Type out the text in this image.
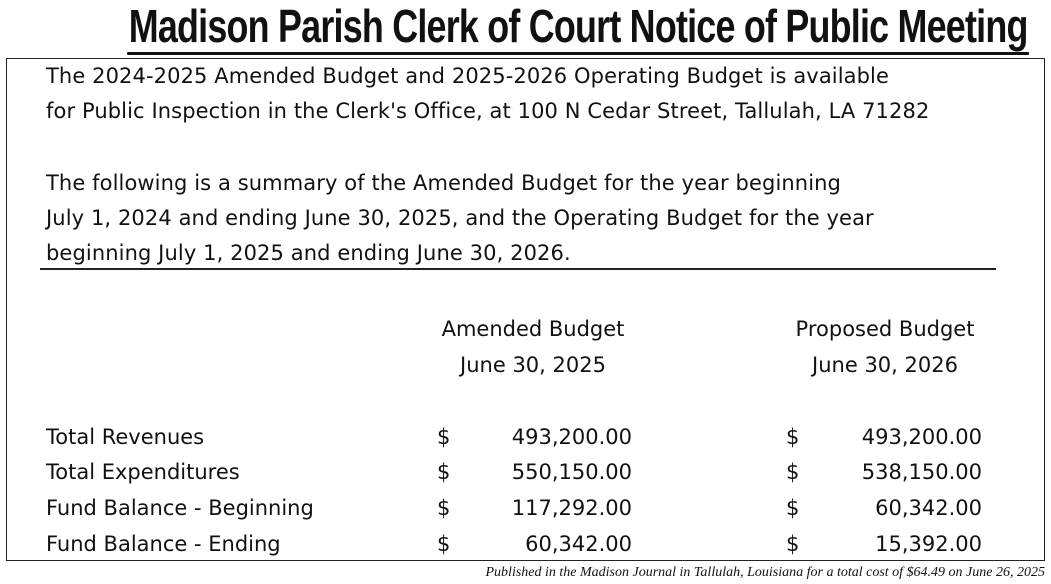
Madison Parish Clerk of Court Notice of Public Meeting
The 2024-2025 Amended Budget and 2025-2026 Operating Budget is available
for Public Inspection in the Clerk's Office, at 100 N Cedar Street, Tallulah, LA 71282
The following is a summary of the Amended Budget for the year beginning
July 1, 2024 and ending June 30, 2025, and the Operating Budget for the year
beginning July 1, 2025 and ending June 30, 2026.
Amended Budget
June 30, 2025
Proposed Budget
June 30, 2026
Total Revenues	$	493,200.00	$	493,200.00
Total Expenditures	$	550,150.00	$	538,150.00
Fund Balance - Beginning	$	117,292.00	$	60,342.00
Fund Balance - Ending	$	60,342.00	$	15,392.00
Published in the Madison Journal in Tallulah, Louisiana for a total cost of $64.49 on June 26, 2025
